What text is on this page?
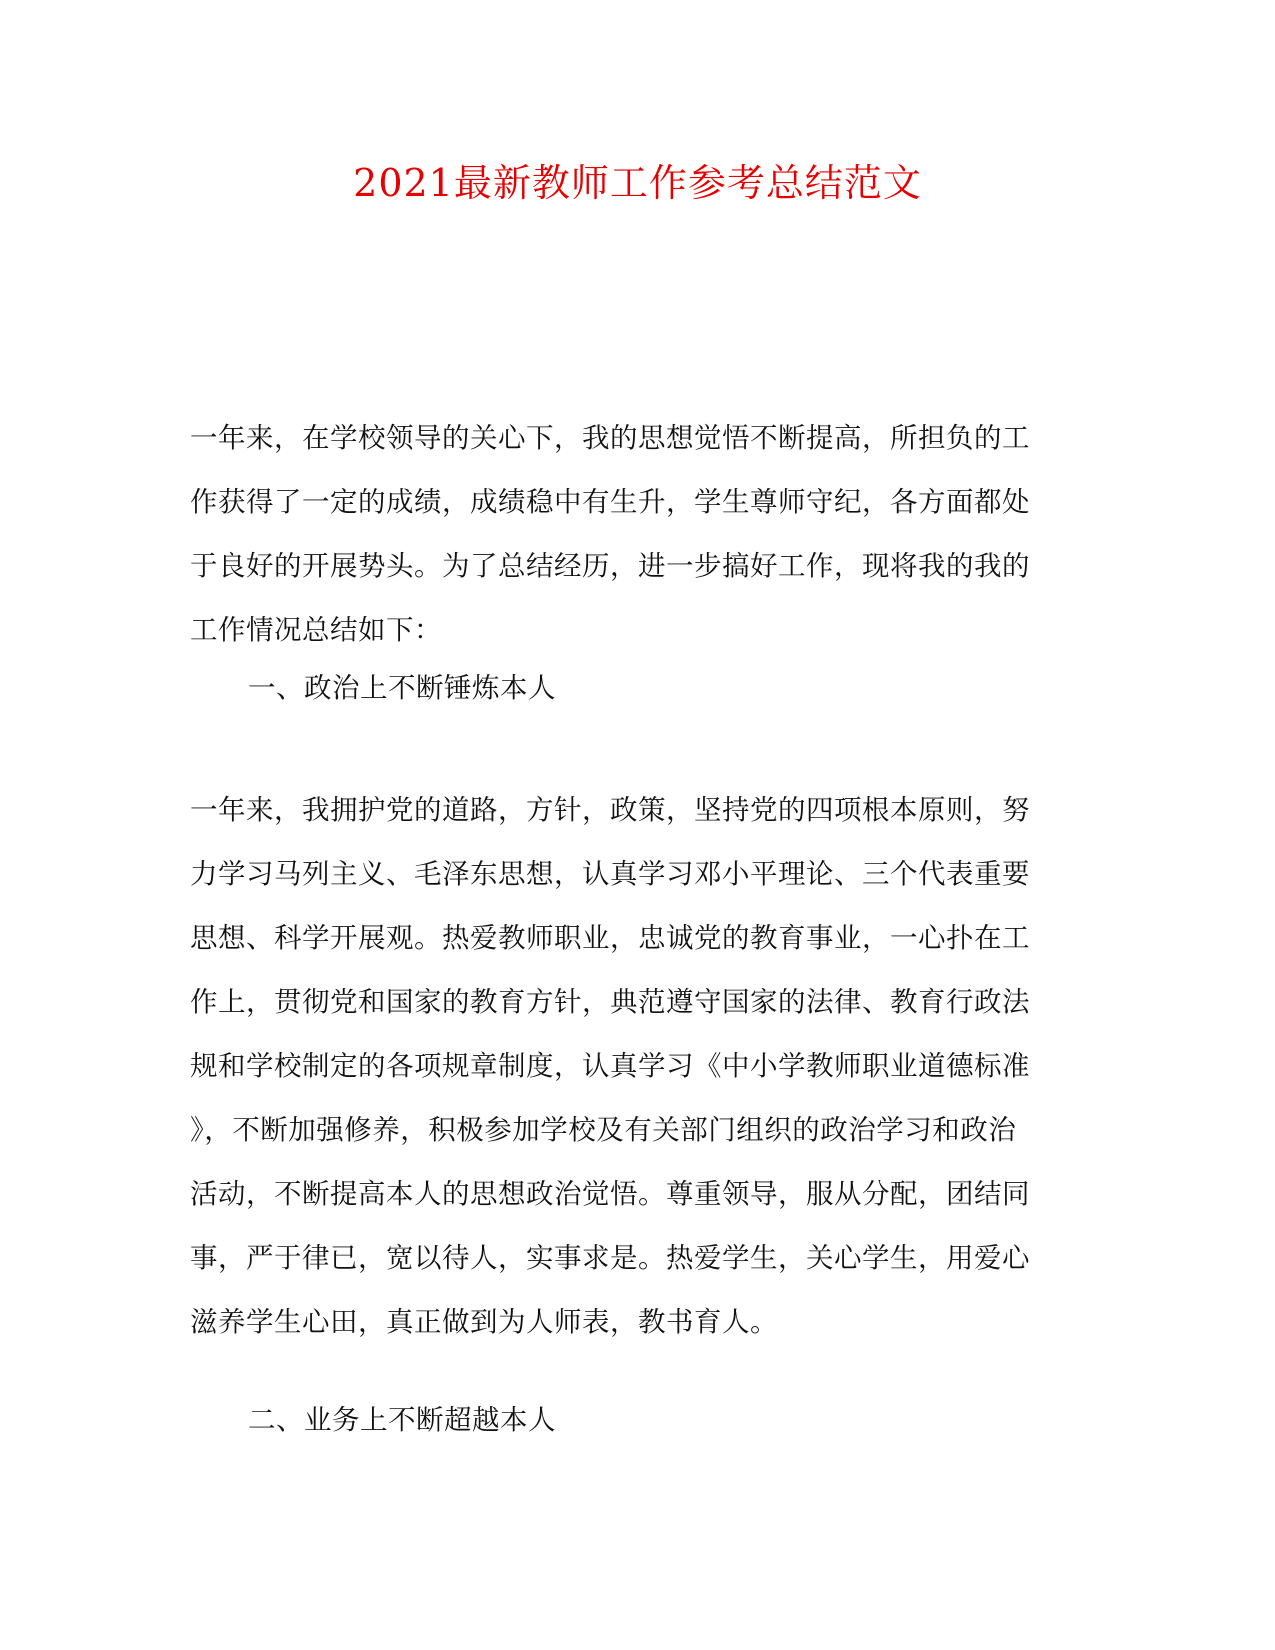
2021最新教师工作参考总结范文
一年来，在学校领导的关心下，我的思想觉悟不断提高，所担负的工
作获得了一定的成绩，成绩稳中有生升，学生尊师守纪，各方面都处
于良好的开展势头。为了总结经历，进一步搞好工作，现将我的我的
工作情况总结如下：
一、政治上不断锤炼本人
一年来，我拥护党的道路，方针，政策，坚持党的四项根本原则，努
力学习马列主义、毛泽东思想，认真学习邓小平理论、三个代表重要
思想、科学开展观。热爱教师职业，忠诚党的教育事业，一心扑在工
作上，贯彻党和国家的教育方针，典范遵守国家的法律、教育行政法
规和学校制定的各项规章制度，认真学习《中小学教师职业道德标准
》，不断加强修养，积极参加学校及有关部门组织的政治学习和政治
活动，不断提高本人的思想政治觉悟。尊重领导，服从分配，团结同
事，严于律已，宽以待人，实事求是。热爱学生，关心学生，用爱心
滋养学生心田，真正做到为人师表，教书育人。
二、业务上不断超越本人
